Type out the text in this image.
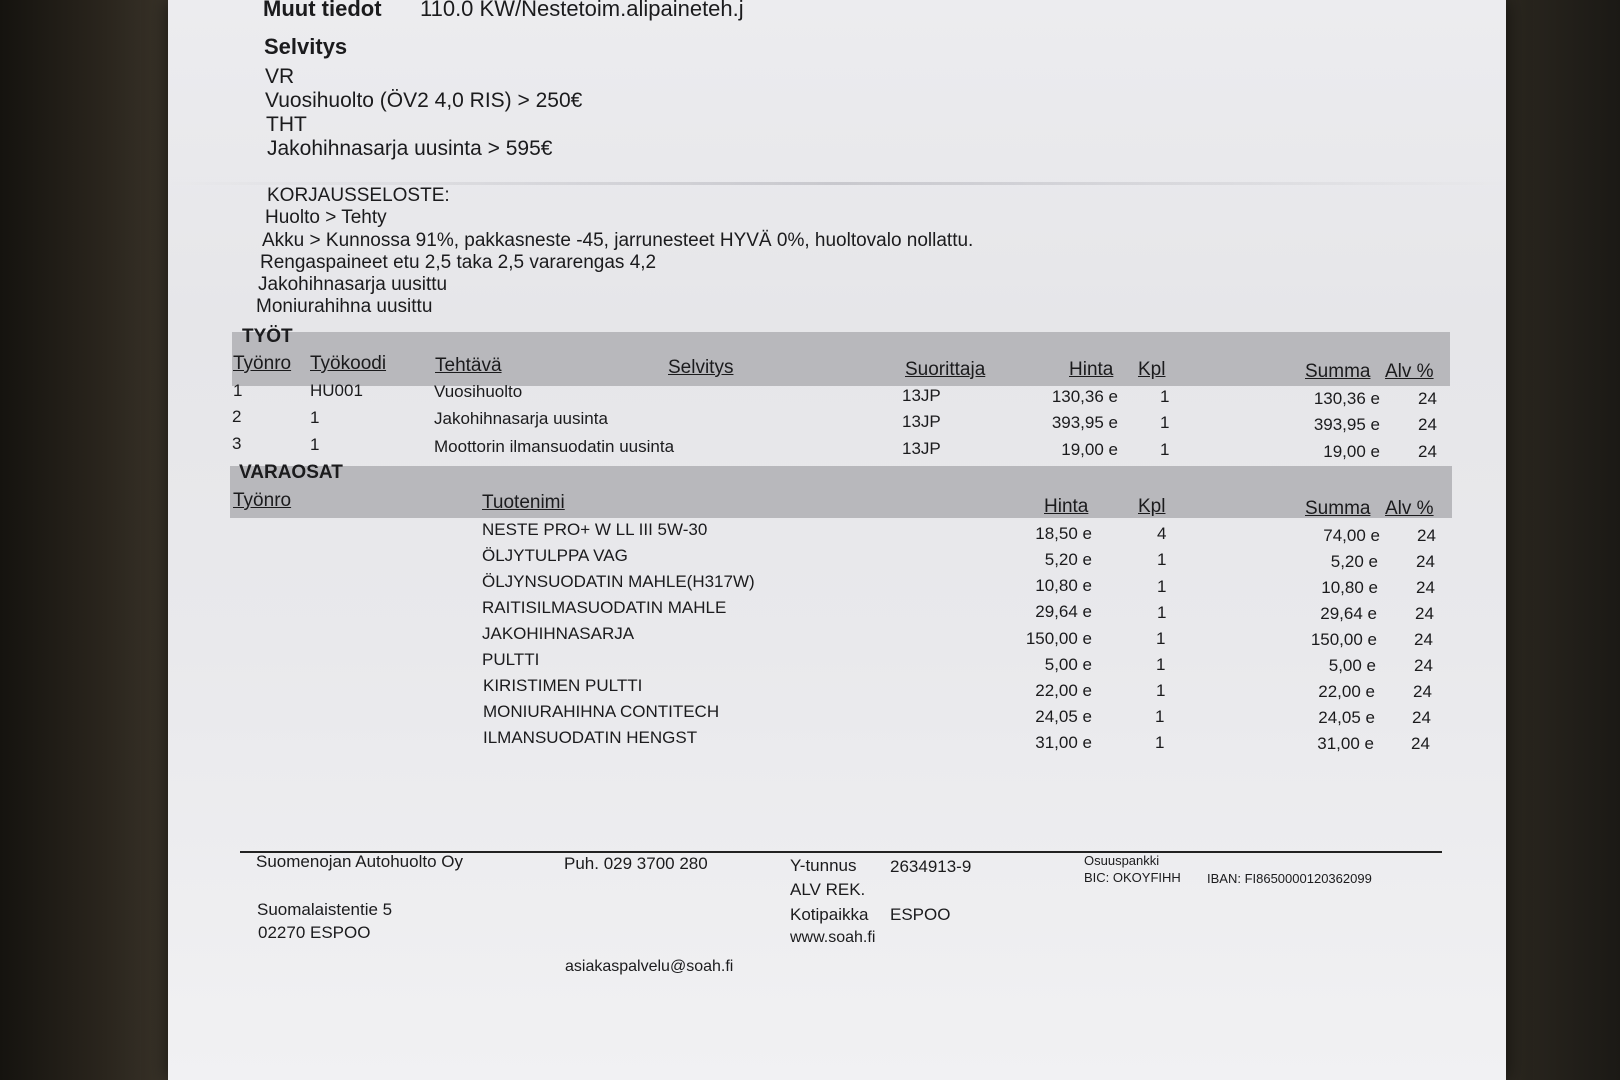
Muut tiedot 110.0 KW/Nestetoim.alipaineteh.j
Selvitys
VR
Vuosihuolto (ÖV2 4,0 RIS) > 250€
THT
Jakohihnasarja uusinta > 595€
KORJAUSSELOSTE:
Huolto > Tehty
Akku > Kunnossa 91%, pakkasneste -45, jarrunesteet HYVÄ 0%, huoltovalo nollattu.
Rengaspaineet etu 2,5 taka 2,5 vararengas 4,2
Jakohihnasarja uusittu
Moniurahihna uusittu
TYÖT
Työnro Työkoodi	Tehtävä	Selvitys	Suorittaja	Hinta Kpl	Summa Alv %
1	HU001	Vuosihuolto	13JP	130,36 e 1	130,36 e 24
2	1	Jakohihnasarja uusinta	13JP	393,95 e 1	393,95 e 24
3	1	Moottorin ilmansuodatin uusinta	13JP	19,00 e 1	19,00 e 24
VARAOSAT
Työnro	Tuotenimi	Hinta	Kpl	Summa Alv %
NESTE PRO+ W LL III 5W-30	18,50 e	4	74,00 e 24
ÖLJYTULPPA VAG	5,20 e	1	5,20 e 24
ÖLJYNSUODATIN MAHLE(H317W)	10,80 e	1	10,80 e 24
RAITISILMASUODATIN MAHLE	29,64 e	1	29,64 e 24
JAKOHIHNASARJA	150,00 e	1	150,00 e 24
PULTTI	5,00 e	1	5,00 e 24
KIRISTIMEN PULTTI	22,00 e	1	22,00 e 24
MONIURAHIHNA CONTITECH	24,05 e	1	24,05 e 24
ILMANSUODATIN HENGST	31,00 e	1	31,00 e 24
Suomenojan Autohuolto Oy
Suomalaistentie 5
02270 ESPOO
Puh. 029 3700 280
asiakaspalvelu@soah.fi
Y-tunnus 2634913-9
ALV REK.
Kotipaikka ESPOO
www.soah.fi
Osuuspankki
BIC: OKOYFIHH IBAN: FI8650000120362099
